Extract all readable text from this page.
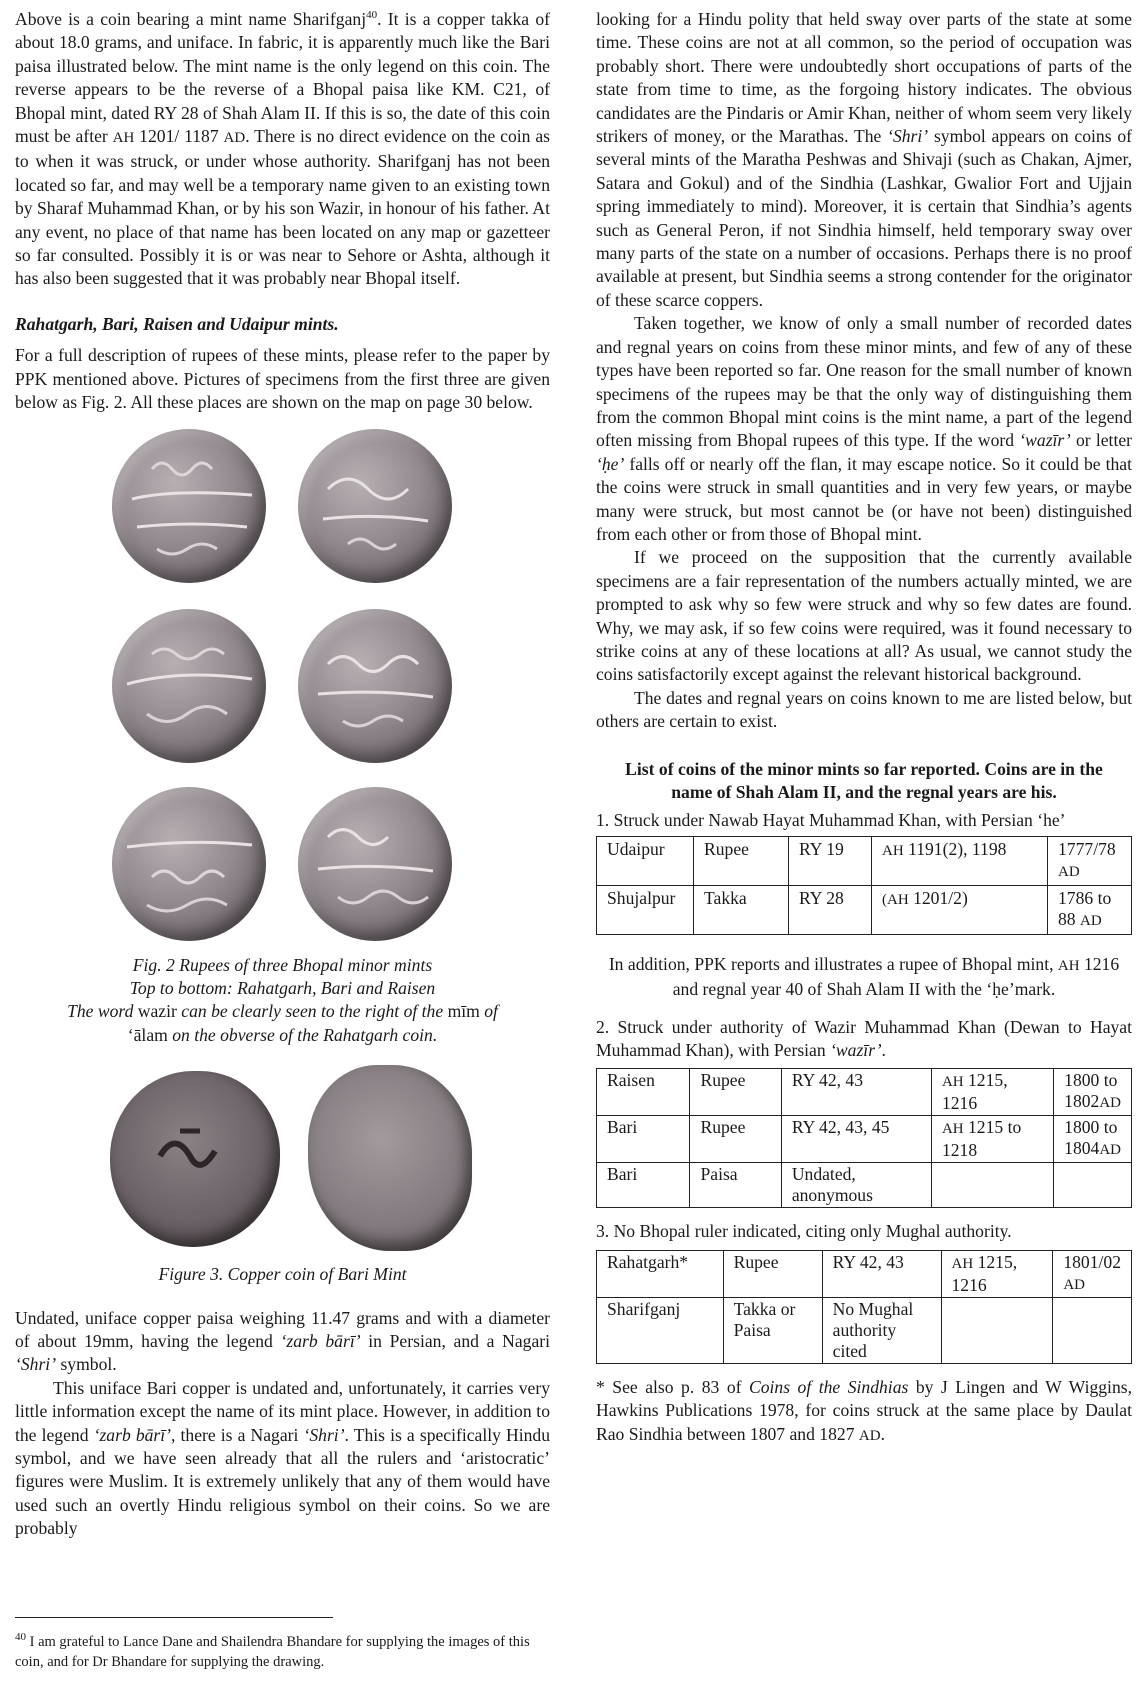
Above is a coin bearing a mint name Sharifganj$^{40}$. It is a copper takka of about 18.0 grams, and uniface. In fabric, it is apparently much like the Bari paisa illustrated below. The mint name is the only legend on this coin. The reverse appears to be the reverse of a Bhopal paisa like KM. C21, of Bhopal mint, dated RY 28 of Shah Alam II. If this is so, the date of this coin must be after AH 1201/ 1187 AD. There is no direct evidence on the coin as to when it was struck, or under whose authority. Sharifganj has not been located so far, and may well be a temporary name given to an existing town by Sharaf Muhammad Khan, or by his son Wazir, in honour of his father. At any event, no place of that name has been located on any map or gazetteer so far consulted. Possibly it is or was near to Sehore or Ashta, although it has also been suggested that it was probably near Bhopal itself.

Rahatgarh, Bari, Raisen and Udaipur mints.

For a full description of rupees of these mints, please refer to the paper by PPK mentioned above. Pictures of specimens from the first three are given below as Fig. 2. All these places are shown on the map on page 30 below.

Fig. 2 Rupees of three Bhopal minor mints
Top to bottom: Rahatgarh, Bari and Raisen
The word wazir can be clearly seen to the right of the mīm of
‘ālam on the obverse of the Rahatgarh coin.
Figure 3. Copper coin of Bari Mint

Undated, uniface copper paisa weighing 11.47 grams and with a diameter of about 19mm, having the legend ‘zarb bārī’ in Persian, and a Nagari ‘Shri’ symbol.

This uniface Bari copper is undated and, unfortunately, it carries very little information except the name of its mint place. However, in addition to the legend ‘zarb bārī’, there is a Nagari ‘Shri’. This is a specifically Hindu symbol, and we have seen already that all the rulers and ‘aristocratic’ figures were Muslim. It is extremely unlikely that any of them would have used such an overtly Hindu religious symbol on their coins. So we are probably

$^{40}$ I am grateful to Lance Dane and Shailendra Bhandare for supplying the images of this coin, and for Dr Bhandare for supplying the drawing.

looking for a Hindu polity that held sway over parts of the state at some time. These coins are not at all common, so the period of occupation was probably short. There were undoubtedly short occupations of parts of the state from time to time, as the forgoing history indicates. The obvious candidates are the Pindaris or Amir Khan, neither of whom seem very likely strikers of money, or the Marathas. The ‘Shri’ symbol appears on coins of several mints of the Maratha Peshwas and Shivaji (such as Chakan, Ajmer, Satara and Gokul) and of the Sindhia (Lashkar, Gwalior Fort and Ujjain spring immediately to mind). Moreover, it is certain that Sindhia’s agents such as General Peron, if not Sindhia himself, held temporary sway over many parts of the state on a number of occasions. Perhaps there is no proof available at present, but Sindhia seems a strong contender for the originator of these scarce coppers.

Taken together, we know of only a small number of recorded dates and regnal years on coins from these minor mints, and few of any of these types have been reported so far. One reason for the small number of known specimens of the rupees may be that the only way of distinguishing them from the common Bhopal mint coins is the mint name, a part of the legend often missing from Bhopal rupees of this type. If the word ‘wazīr’ or letter ‘ḥe’ falls off or nearly off the flan, it may escape notice. So it could be that the coins were struck in small quantities and in very few years, or maybe many were struck, but most cannot be (or have not been) distinguished from each other or from those of Bhopal mint.

If we proceed on the supposition that the currently available specimens are a fair representation of the numbers actually minted, we are prompted to ask why so few were struck and why so few dates are found. Why, we may ask, if so few coins were required, was it found necessary to strike coins at any of these locations at all? As usual, we cannot study the coins satisfactorily except against the relevant historical background.

The dates and regnal years on coins known to me are listed below, but others are certain to exist.

List of coins of the minor mints so far reported. Coins are in the name of Shah Alam II, and the regnal years are his.

1. Struck under Nawab Hayat Muhammad Khan, with Persian ‘he’

Udaipur	Rupee	RY 19	AH 1191(2), 1198	1777/78 AD
Shujalpur	Takka	RY 28	(AH 1201/2)	1786 to 88 AD

In addition, PPK reports and illustrates a rupee of Bhopal mint, AH 1216 and regnal year 40 of Shah Alam II with the ‘ḥe’mark.

2. Struck under authority of Wazir Muhammad Khan (Dewan to Hayat Muhammad Khan), with Persian ‘wazīr’.

Raisen	Rupee	RY 42, 43	AH 1215, 1216	1800 to 1802AD
Bari	Rupee	RY 42, 43, 45	AH 1215 to 1218	1800 to 1804AD
Bari	Paisa	Undated, anonymous		

3. No Bhopal ruler indicated, citing only Mughal authority.

Rahatgarh*	Rupee	RY 42, 43	AH 1215, 1216	1801/02 AD
Sharifganj	Takka or Paisa	No Mughal authority cited		

* See also p. 83 of Coins of the Sindhias by J Lingen and W Wiggins, Hawkins Publications 1978, for coins struck at the same place by Daulat Rao Sindhia between 1807 and 1827 AD.
